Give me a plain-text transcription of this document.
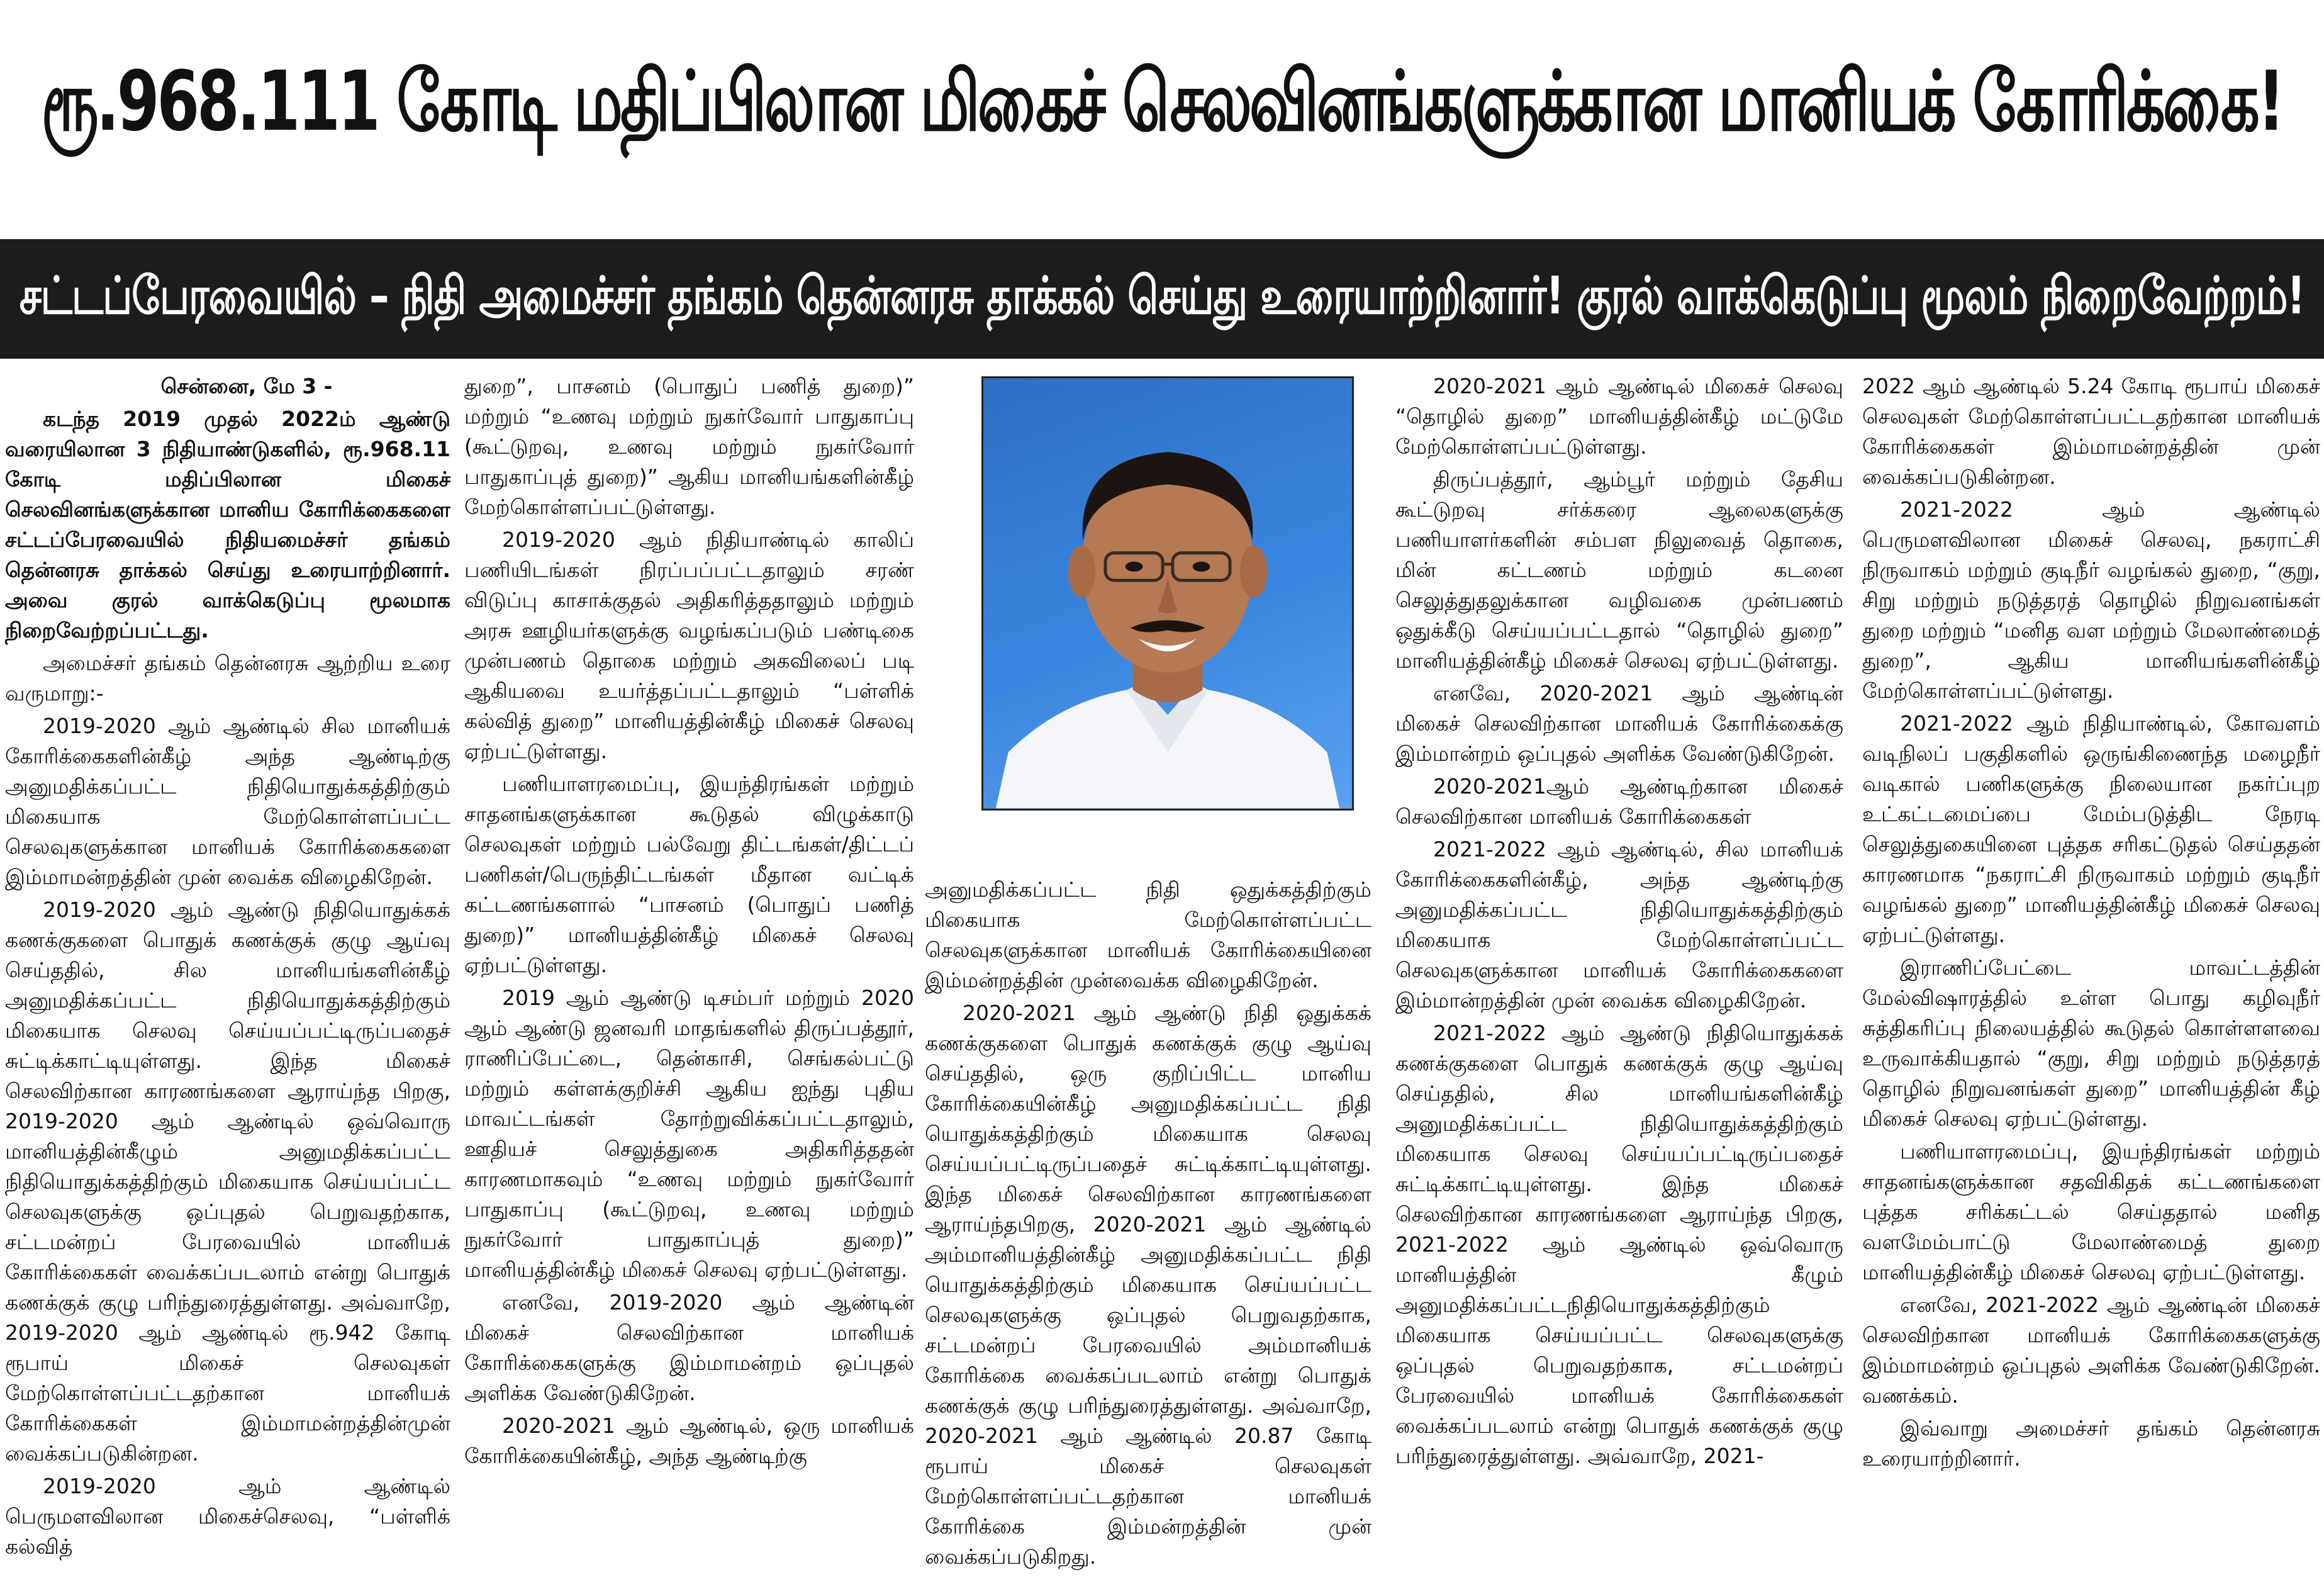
ரூ.968.111 கோடி மதிப்பிலான மிகைச் செலவினங்களுக்கான மானியக் கோரிக்கை!
சட்டப்பேரவையில் – நிதி அமைச்சர் தங்கம் தென்னரசு தாக்கல் செய்து உரையாற்றினார்! குரல் வாக்கெடுப்பு மூலம் நிறைவேற்றம்!

சென்னை, மே 3 -

கடந்த 2019 முதல் 2022ம் ஆண்டு வரையிலான 3 நிதியாண்டுகளில், ரூ.968.11 கோடி மதிப்பிலான மிகைச் செலவினங்களுக்கான மானிய கோரிக்கைகளை சட்டப்பேரவையில் நிதியமைச்சர் தங்கம் தென்னரசு தாக்கல் செய்து உரையாற்றினார். அவை குரல் வாக்கெடுப்பு மூலமாக நிறைவேற்றப்பட்டது.

அமைச்சர் தங்கம் தென்னரசு ஆற்றிய உரை வருமாறு:-

2019-2020 ஆம் ஆண்டில் சில மானியக் கோரிக்கைகளின்கீழ் அந்த ஆண்டிற்கு அனுமதிக்கப்பட்ட நிதியொதுக்கத்திற்கும் மிகையாக மேற்கொள்ளப்பட்ட செலவுகளுக்கான மானியக் கோரிக்கைகளை இம்மாமன்றத்தின் முன் வைக்க விழைகிறேன்.

2019-2020 ஆம் ஆண்டு நிதியொதுக்கக் கணக்குகளை பொதுக் கணக்குக் குழு ஆய்வு செய்ததில், சில மானியங்களின்கீழ் அனுமதிக்கப்பட்ட நிதியொதுக்கத்திற்கும் மிகையாக செலவு செய்யப்பட்டிருப்பதைச் சுட்டிக்காட்டியுள்ளது. இந்த மிகைச் செலவிற்கான காரணங்களை ஆராய்ந்த பிறகு, 2019-2020 ஆம் ஆண்டில் ஒவ்வொரு மானியத்தின்கீழும் அனுமதிக்கப்பட்ட நிதியொதுக்கத்திற்கும் மிகையாக செய்யப்பட்ட செலவுகளுக்கு ஒப்புதல் பெறுவதற்காக, சட்டமன்றப் பேரவையில் மானியக் கோரிக்கைகள் வைக்கப்படலாம் என்று பொதுக் கணக்குக் குழு பரிந்துரைத்துள்ளது. அவ்வாறே, 2019-2020 ஆம் ஆண்டில் ரூ.942 கோடி ரூபாய் மிகைச் செலவுகள் மேற்கொள்ளப்பட்டதற்கான மானியக் கோரிக்கைகள் இம்மாமன்றத்தின்முன் வைக்கப்படுகின்றன.

2019-2020 ஆம் ஆண்டில் பெருமளவிலான மிகைச்செலவு, “பள்ளிக் கல்வித்

துறை”, பாசனம் (பொதுப் பணித் துறை)” மற்றும் “உணவு மற்றும் நுகர்வோர் பாதுகாப்பு (கூட்டுறவு, உணவு மற்றும் நுகர்வோர் பாதுகாப்புத் துறை)” ஆகிய மானியங்களின்கீழ் மேற்கொள்ளப்பட்டுள்ளது.

2019-2020 ஆம் நிதியாண்டில் காலிப் பணியிடங்கள் நிரப்பப்பட்டதாலும் சரண் விடுப்பு காசாக்குதல் அதிகரித்ததாலும் மற்றும் அரசு ஊழியர்களுக்கு வழங்கப்படும் பண்டிகை முன்பணம் தொகை மற்றும் அகவிலைப் படி ஆகியவை உயர்த்தப்பட்டதாலும் “பள்ளிக் கல்வித் துறை” மானியத்தின்கீழ் மிகைச் செலவு ஏற்பட்டுள்ளது.

பணியாளரமைப்பு, இயந்திரங்கள் மற்றும் சாதனங்களுக்கான கூடுதல் விழுக்காடு செலவுகள் மற்றும் பல்வேறு திட்டங்கள்/திட்டப் பணிகள்/பெருந்திட்டங்கள் மீதான வட்டிக் கட்டணங்களால் “பாசனம் (பொதுப் பணித் துறை)” மானியத்தின்கீழ் மிகைச் செலவு ஏற்பட்டுள்ளது.

2019 ஆம் ஆண்டு டிசம்பர் மற்றும் 2020 ஆம் ஆண்டு ஜனவரி மாதங்களில் திருப்பத்தூர், ராணிப்பேட்டை, தென்காசி, செங்கல்பட்டு மற்றும் கள்ளக்குறிச்சி ஆகிய ஐந்து புதிய மாவட்டங்கள் தோற்றுவிக்கப்பட்டதாலும், ஊதியச் செலுத்துகை அதிகரித்ததன் காரணமாகவும் “உணவு மற்றும் நுகர்வோர் பாதுகாப்பு (கூட்டுறவு, உணவு மற்றும் நுகர்வோர் பாதுகாப்புத் துறை)” மானியத்தின்கீழ் மிகைச் செலவு ஏற்பட்டுள்ளது.

எனவே, 2019-2020 ஆம் ஆண்டின் மிகைச் செலவிற்கான மானியக் கோரிக்கைகளுக்கு இம்மாமன்றம் ஒப்புதல் அளிக்க வேண்டுகிறேன்.

2020-2021 ஆம் ஆண்டில், ஒரு மானியக் கோரிக்கையின்கீழ், அந்த ஆண்டிற்கு

அனுமதிக்கப்பட்ட நிதி ஒதுக்கத்திற்கும் மிகையாக மேற்கொள்ளப்பட்ட செலவுகளுக்கான மானியக் கோரிக்கையினை இம்மன்றத்தின் முன்வைக்க விழைகிறேன்.

2020-2021 ஆம் ஆண்டு நிதி ஒதுக்கக் கணக்குகளை பொதுக் கணக்குக் குழு ஆய்வு செய்ததில், ஒரு குறிப்பிட்ட மானிய கோரிக்கையின்கீழ் அனுமதிக்கப்பட்ட நிதி யொதுக்கத்திற்கும் மிகையாக செலவு செய்யப்பட்டிருப்பதைச் சுட்டிக்காட்டியுள்ளது. இந்த மிகைச் செலவிற்கான காரணங்களை ஆராய்ந்தபிறகு, 2020-2021 ஆம் ஆண்டில் அம்மானியத்தின்கீழ் அனுமதிக்கப்பட்ட நிதி யொதுக்கத்திற்கும் மிகையாக செய்யப்பட்ட செலவுகளுக்கு ஒப்புதல் பெறுவதற்காக, சட்டமன்றப் பேரவையில் அம்மானியக் கோரிக்கை வைக்கப்படலாம் என்று பொதுக் கணக்குக் குழு பரிந்துரைத்துள்ளது. அவ்வாறே, 2020-2021 ஆம் ஆண்டில் 20.87 கோடி ரூபாய் மிகைச் செலவுகள் மேற்கொள்ளப்பட்டதற்கான மானியக் கோரிக்கை இம்மன்றத்தின் முன் வைக்கப்படுகிறது.

2020-2021 ஆம் ஆண்டில் மிகைச் செலவு “தொழில் துறை” மானியத்தின்கீழ் மட்டுமே மேற்கொள்ளப்பட்டுள்ளது.

திருப்பத்தூர், ஆம்பூர் மற்றும் தேசிய கூட்டுறவு சர்க்கரை ஆலைகளுக்கு பணியாளர்களின் சம்பள நிலுவைத் தொகை, மின் கட்டணம் மற்றும் கடனை செலுத்துதலுக்கான வழிவகை முன்பணம் ஒதுக்கீடு செய்யப்பட்டதால் “தொழில் துறை” மானியத்தின்கீழ் மிகைச் செலவு ஏற்பட்டுள்ளது.

எனவே, 2020-2021 ஆம் ஆண்டின் மிகைச் செலவிற்கான மானியக் கோரிக்கைக்கு இம்மான்றம் ஒப்புதல் அளிக்க வேண்டுகிறேன்.

2020-2021ஆம் ஆண்டிற்கான மிகைச் செலவிற்கான மானியக் கோரிக்கைகள்

2021-2022 ஆம் ஆண்டில், சில மானியக் கோரிக்கைகளின்கீழ், அந்த ஆண்டிற்கு அனுமதிக்கப்பட்ட நிதியொதுக்கத்திற்கும் மிகையாக மேற்கொள்ளப்பட்ட செலவுகளுக்கான மானியக் கோரிக்கைகளை இம்மான்றத்தின் முன் வைக்க விழைகிறேன்.

2021-2022 ஆம் ஆண்டு நிதியொதுக்கக் கணக்குகளை பொதுக் கணக்குக் குழு ஆய்வு செய்ததில், சில மானியங்களின்கீழ் அனுமதிக்கப்பட்ட நிதியொதுக்கத்திற்கும் மிகையாக செலவு செய்யப்பட்டிருப்பதைச் சுட்டிக்காட்டியுள்ளது. இந்த மிகைச் செலவிற்கான காரணங்களை ஆராய்ந்த பிறகு, 2021-2022 ஆம் ஆண்டில் ஒவ்வொரு மானியத்தின் கீழும் அனுமதிக்கப்பட்டநிதியொதுக்கத்திற்கும் மிகையாக செய்யப்பட்ட செலவுகளுக்கு ஒப்புதல் பெறுவதற்காக, சட்டமன்றப் பேரவையில் மானியக் கோரிக்கைகள் வைக்கப்படலாம் என்று பொதுக் கணக்குக் குழு பரிந்துரைத்துள்ளது. அவ்வாறே, 2021-

2022 ஆம் ஆண்டில் 5.24 கோடி ரூபாய் மிகைச் செலவுகள் மேற்கொள்ளப்பட்டதற்கான மானியக் கோரிக்கைகள் இம்மாமன்றத்தின் முன் வைக்கப்படுகின்றன.

2021-2022 ஆம் ஆண்டில் பெருமளவிலான மிகைச் செலவு, நகராட்சி நிருவாகம் மற்றும் குடிநீர் வழங்கல் துறை, “குறு, சிறு மற்றும் நடுத்தரத் தொழில் நிறுவனங்கள் துறை மற்றும் “மனித வள மற்றும் மேலாண்மைத் துறை”, ஆகிய மானியங்களின்கீழ் மேற்கொள்ளப்பட்டுள்ளது.

2021-2022 ஆம் நிதியாண்டில், கோவளம் வடிநிலப் பகுதிகளில் ஒருங்கிணைந்த மழைநீர் வடிகால் பணிகளுக்கு நிலையான நகர்ப்புற உட்கட்டமைப்பை மேம்படுத்திட நேரடி செலுத்துகையினை புத்தக சரிகட்டுதல் செய்ததன் காரணமாக “நகராட்சி நிருவாகம் மற்றும் குடிநீர் வழங்கல் துறை” மானியத்தின்கீழ் மிகைச் செலவு ஏற்பட்டுள்ளது.

இராணிப்பேட்டை மாவட்டத்தின் மேல்விஷாரத்தில் உள்ள பொது கழிவுநீர் சுத்திகரிப்பு நிலையத்தில் கூடுதல் கொள்ளளவை உருவாக்கியதால் “குறு, சிறு மற்றும் நடுத்தரத் தொழில் நிறுவனங்கள் துறை” மானியத்தின் கீழ் மிகைச் செலவு ஏற்பட்டுள்ளது.

பணியாளரமைப்பு, இயந்திரங்கள் மற்றும் சாதனங்களுக்கான சதவிகிதக் கட்டணங்களை புத்தக சரிக்கட்டல் செய்ததால் மனித வளமேம்பாட்டு மேலாண்மைத் துறை மானியத்தின்கீழ் மிகைச் செலவு ஏற்பட்டுள்ளது.

எனவே, 2021-2022 ஆம் ஆண்டின் மிகைச் செலவிற்கான மானியக் கோரிக்கைகளுக்கு இம்மாமன்றம் ஒப்புதல் அளிக்க வேண்டுகிறேன். வணக்கம்.

இவ்வாறு அமைச்சர் தங்கம் தென்னரசு உரையாற்றினார்.
